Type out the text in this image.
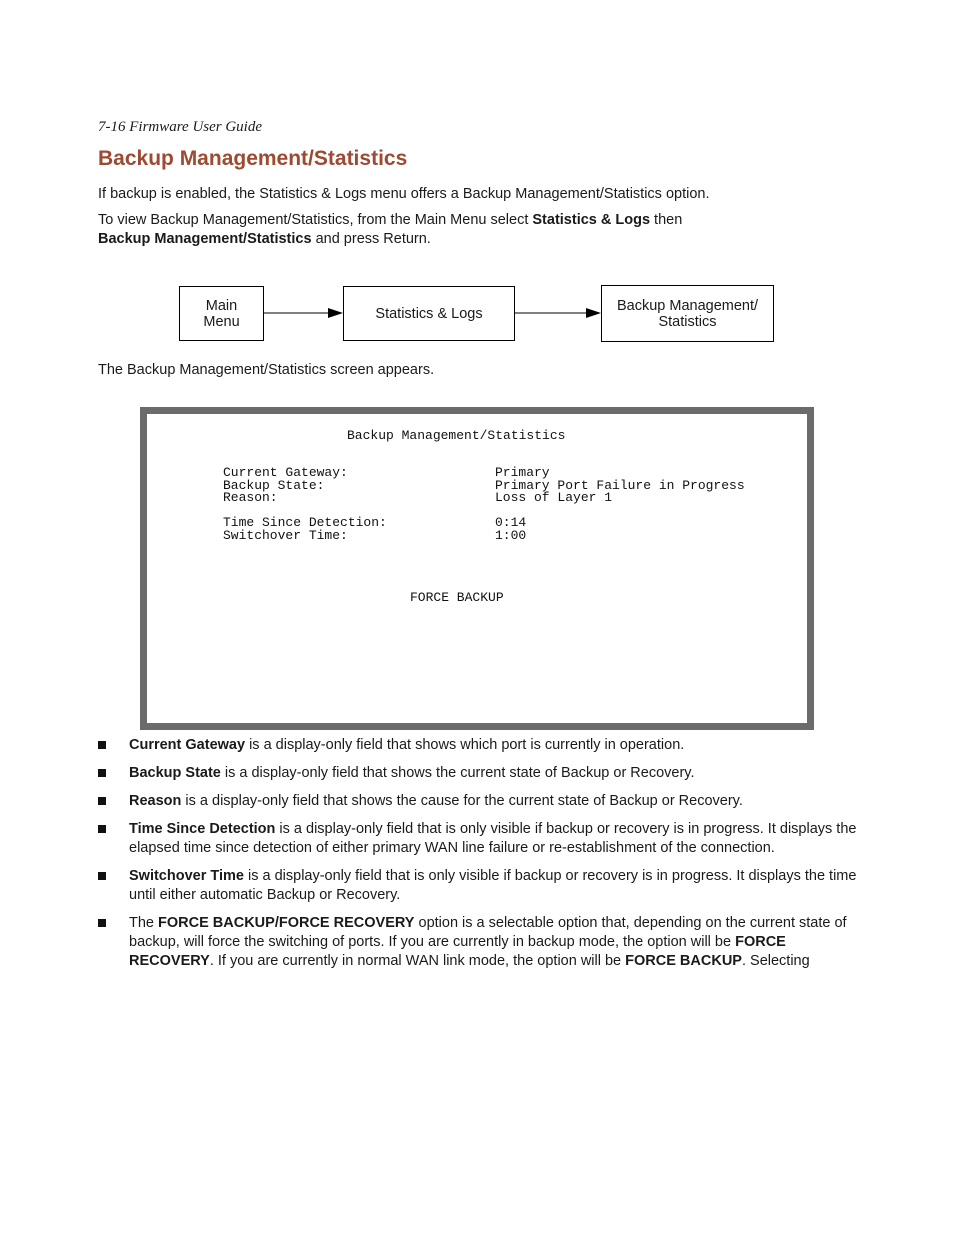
7-16 Firmware User Guide
Backup Management/Statistics

If backup is enabled, the Statistics & Logs menu offers a Backup Management/Statistics option.

To view Backup Management/Statistics, from the Main Menu select Statistics & Logs then
Backup Management/Statistics and press Return.

Main
Menu	Statistics & Logs	Backup Management/
Statistics

The Backup Management/Statistics screen appears.

Backup Management/Statistics
Current Gateway:	Primary
Backup State:	Primary Port Failure in Progress
Reason:	Loss of Layer 1
Time Since Detection:	0:14
Switchover Time:	1:00
FORCE BACKUP
Current Gateway is a display-only field that shows which port is currently in operation.
Backup State is a display-only field that shows the current state of Backup or Recovery.
Reason is a display-only field that shows the cause for the current state of Backup or Recovery.
Time Since Detection is a display-only field that is only visible if backup or recovery is in progress. It displays the elapsed time since detection of either primary WAN line failure or re-establishment of the connection.
Switchover Time is a display-only field that is only visible if backup or recovery is in progress. It displays the time until either automatic Backup or Recovery.
The FORCE BACKUP/FORCE RECOVERY option is a selectable option that, depending on the current state of backup, will force the switching of ports. If you are currently in backup mode, the option will be FORCE RECOVERY. If you are currently in normal WAN link mode, the option will be FORCE BACKUP. Selecting
